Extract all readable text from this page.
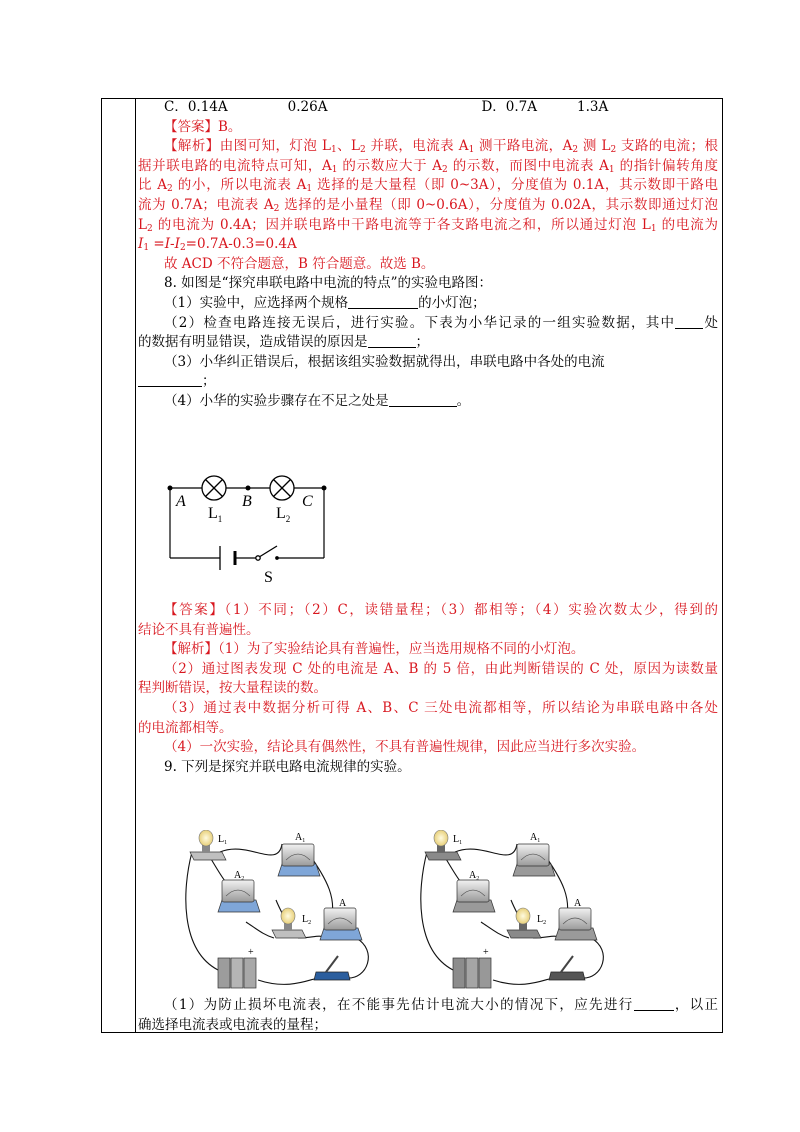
C．0.14A	0.26A	D．0.7A	1.3A
【答案】B。
【解析】由图可知，灯泡 $L_1$、$L_2$ 并联，电流表 $A_1$ 测干路电流，$A_2$ 测 $L_2$ 支路的电流；根
据并联电路的电流特点可知，$A_1$ 的示数应大于 $A_2$ 的示数，而图中电流表 $A_1$ 的指针偏转角度
比 $A_2$ 的小，所以电流表 $A_1$ 选择的是大量程（即 0~3A），分度值为 0.1A，其示数即干路电
流为 0.7A；电流表 $A_2$ 选择的是小量程（即 0~0.6A），分度值为 0.02A，其示数即通过灯泡
$L_2$ 的电流为 0.4A；因并联电路中干路电流等于各支路电流之和，所以通过灯泡 $L_1$ 的电流为
$I_1 =I-I_2=0.7A-0.3=0.4A$
故 ACD 不符合题意，B 符合题意。故选 B。
8. 如图是“探究串联电路中电流的特点”的实验电路图：
（1）实验中，应选择两个规格	的小灯泡；
（2）检查电路连接无误后，进行实验。下表为小华记录的一组实验数据，其中 处
的数据有明显错误，造成错误的原因是	；
（3）小华纠正错误后，根据该组实验数据就得出，串联电路中各处的电流
；
（4）小华的实验步骤存在不足之处是	。
A	B	C
$L_1$	$L_2$
S
【答案】（1）不同；（2）C，读错量程；（3）都相等；（4）实验次数太少，得到的
结论不具有普遍性。
【解析】（1）为了实验结论具有普遍性，应当选用规格不同的小灯泡。
（2）通过图表发现 C 处的电流是 A、B 的 5 倍，由此判断错误的 C 处，原因为读数量
程判断错误，按大量程读的数。
（3）通过表中数据分析可得 A、B、C 三处电流都相等，所以结论为串联电路中各处
的电流都相等。
（4）一次实验，结论具有偶然性，不具有普遍性规律，因此应当进行多次实验。
9. 下列是探究并联电路电流规律的实验。
$L_1$	$A_1$
$A_2$
$L_2$
A
+
$L_1$	$A_1$
$A_2$
$L_2$
A
+
（1）为防止损坏电流表，在不能事先估计电流大小的情况下，应先进行	，以正
确选择电流表或电流表的量程；
